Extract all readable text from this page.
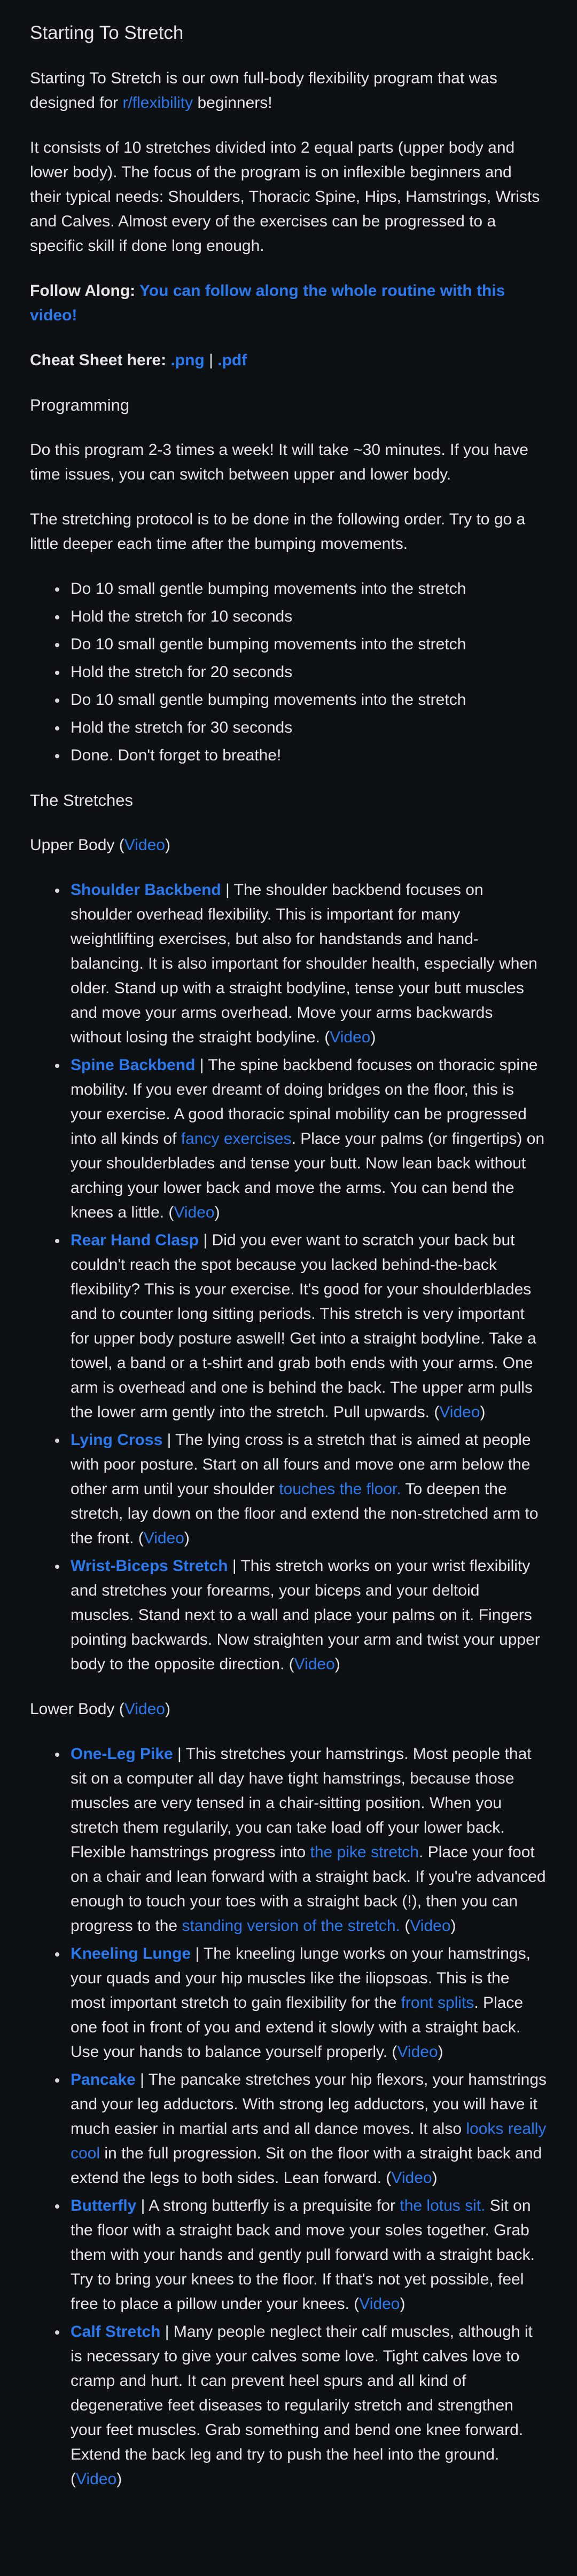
Starting To Stretch

Starting To Stretch is our own full-body flexibility program that was designed for r/flexibility beginners!

It consists of 10 stretches divided into 2 equal parts (upper body and lower body). The focus of the program is on inflexible beginners and their typical needs: Shoulders, Thoracic Spine, Hips, Hamstrings, Wrists and Calves. Almost every of the exercises can be progressed to a specific skill if done long enough.

Follow Along: You can follow along the whole routine with this video!

Cheat Sheet here: .png | .pdf

Programming

Do this program 2-3 times a week! It will take ~30 minutes. If you have time issues, you can switch between upper and lower body.

The stretching protocol is to be done in the following order. Try to go a little deeper each time after the bumping movements.

• Do 10 small gentle bumping movements into the stretch
• Hold the stretch for 10 seconds
• Do 10 small gentle bumping movements into the stretch
• Hold the stretch for 20 seconds
• Do 10 small gentle bumping movements into the stretch
• Hold the stretch for 30 seconds
• Done. Don't forget to breathe!
The Stretches

Upper Body (Video)

• Shoulder Backbend | The shoulder backbend focuses on shoulder overhead flexibility. This is important for many weightlifting exercises, but also for handstands and hand-balancing. It is also important for shoulder health, especially when older. Stand up with a straight bodyline, tense your butt muscles and move your arms overhead. Move your arms backwards without losing the straight bodyline. (Video)
• Spine Backbend | The spine backbend focuses on thoracic spine mobility. If you ever dreamt of doing bridges on the floor, this is your exercise. A good thoracic spinal mobility can be progressed into all kinds of fancy exercises. Place your palms (or fingertips) on your shoulderblades and tense your butt. Now lean back without arching your lower back and move the arms. You can bend the knees a little. (Video)
• Rear Hand Clasp | Did you ever want to scratch your back but couldn't reach the spot because you lacked behind-the-back flexibility? This is your exercise. It's good for your shoulderblades and to counter long sitting periods. This stretch is very important for upper body posture aswell! Get into a straight bodyline. Take a towel, a band or a t-shirt and grab both ends with your arms. One arm is overhead and one is behind the back. The upper arm pulls the lower arm gently into the stretch. Pull upwards. (Video)
• Lying Cross | The lying cross is a stretch that is aimed at people with poor posture. Start on all fours and move one arm below the other arm until your shoulder touches the floor. To deepen the stretch, lay down on the floor and extend the non-stretched arm to the front. (Video)
• Wrist-Biceps Stretch | This stretch works on your wrist flexibility and stretches your forearms, your biceps and your deltoid muscles. Stand next to a wall and place your palms on it. Fingers pointing backwards. Now straighten your arm and twist your upper body to the opposite direction. (Video)

Lower Body (Video)

• One-Leg Pike | This stretches your hamstrings. Most people that sit on a computer all day have tight hamstrings, because those muscles are very tensed in a chair-sitting position. When you stretch them regularily, you can take load off your lower back. Flexible hamstrings progress into the pike stretch. Place your foot on a chair and lean forward with a straight back. If you're advanced enough to touch your toes with a straight back (!), then you can progress to the standing version of the stretch. (Video)
• Kneeling Lunge | The kneeling lunge works on your hamstrings, your quads and your hip muscles like the iliopsoas. This is the most important stretch to gain flexibility for the front splits. Place one foot in front of you and extend it slowly with a straight back. Use your hands to balance yourself properly. (Video)
• Pancake | The pancake stretches your hip flexors, your hamstrings and your leg adductors. With strong leg adductors, you will have it much easier in martial arts and all dance moves. It also looks really cool in the full progression. Sit on the floor with a straight back and extend the legs to both sides. Lean forward. (Video)
• Butterfly | A strong butterfly is a prequisite for the lotus sit. Sit on the floor with a straight back and move your soles together. Grab them with your hands and gently pull forward with a straight back. Try to bring your knees to the floor. If that's not yet possible, feel free to place a pillow under your knees. (Video)
• Calf Stretch | Many people neglect their calf muscles, although it is necessary to give your calves some love. Tight calves love to cramp and hurt. It can prevent heel spurs and all kind of degenerative feet diseases to regularily stretch and strengthen your feet muscles. Grab something and bend one knee forward. Extend the back leg and try to push the heel into the ground. (Video)
